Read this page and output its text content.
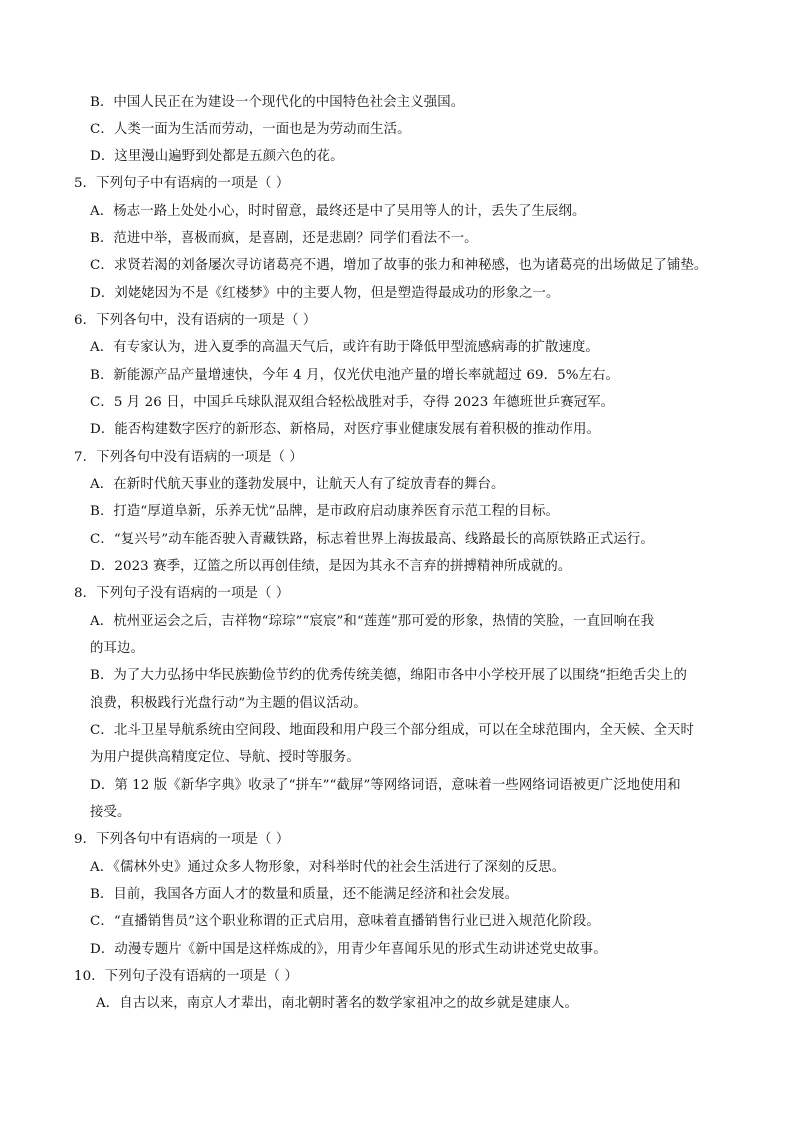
B．中国人民正在为建设一个现代化的中国特色社会主义强国。
C．人类一面为生活而劳动，一面也是为劳动而生活。
D．这里漫山遍野到处都是五颜六色的花。
5．下列句子中有语病的一项是（ ）
A．杨志一路上处处小心，时时留意，最终还是中了吴用等人的计，丢失了生辰纲。
B．范进中举，喜极而疯，是喜剧，还是悲剧？同学们看法不一。
C．求贤若渴的刘备屡次寻访诸葛亮不遇，增加了故事的张力和神秘感，也为诸葛亮的出场做足了铺垫。
D．刘姥姥因为不是《红楼梦》中的主要人物，但是塑造得最成功的形象之一。
6．下列各句中，没有语病的一项是（ ）
A．有专家认为，进入夏季的高温天气后，或许有助于降低甲型流感病毒的扩散速度。
B．新能源产品产量增速快，今年 4 月，仅光伏电池产量的增长率就超过 69．5%左右。
C．5 月 26 日，中国乒乓球队混双组合轻松战胜对手，夺得 2023 年德班世乒赛冠军。
D．能否构建数字医疗的新形态、新格局，对医疗事业健康发展有着积极的推动作用。
7．下列各句中没有语病的一项是（ ）
A．在新时代航天事业的蓬勃发展中，让航天人有了绽放青春的舞台。
B．打造“厚道阜新，乐养无忧”品牌，是市政府启动康养医育示范工程的目标。
C．“复兴号”动车能否驶入青藏铁路，标志着世界上海拔最高、线路最长的高原铁路正式运行。
D．2023 赛季，辽篮之所以再创佳绩，是因为其永不言弃的拼搏精神所成就的。
8．下列句子没有语病的一项是（ ）
A．杭州亚运会之后，吉祥物“琮琮”“宸宸”和“莲莲”那可爱的形象，热情的笑脸，一直回响在我
的耳边。
B．为了大力弘扬中华民族勤俭节约的优秀传统美德，绵阳市各中小学校开展了以围绕“拒绝舌尖上的
浪费，积极践行光盘行动”为主题的倡议活动。
C．北斗卫星导航系统由空间段、地面段和用户段三个部分组成，可以在全球范围内，全天候、全天时
为用户提供高精度定位、导航、授时等服务。
D．第 12 版《新华字典》收录了“拼车”“截屏”等网络词语，意味着一些网络词语被更广泛地使用和
接受。
9．下列各句中有语病的一项是（ ）
A．《儒林外史》通过众多人物形象，对科举时代的社会生活进行了深刻的反思。
B．目前，我国各方面人才的数量和质量，还不能满足经济和社会发展。
C．“直播销售员”这个职业称谓的正式启用，意味着直播销售行业已进入规范化阶段。
D．动漫专题片《新中国是这样炼成的》，用青少年喜闻乐见的形式生动讲述党史故事。
10．下列句子没有语病的一项是（ ）
A．自古以来，南京人才辈出，南北朝时著名的数学家祖冲之的故乡就是建康人。
